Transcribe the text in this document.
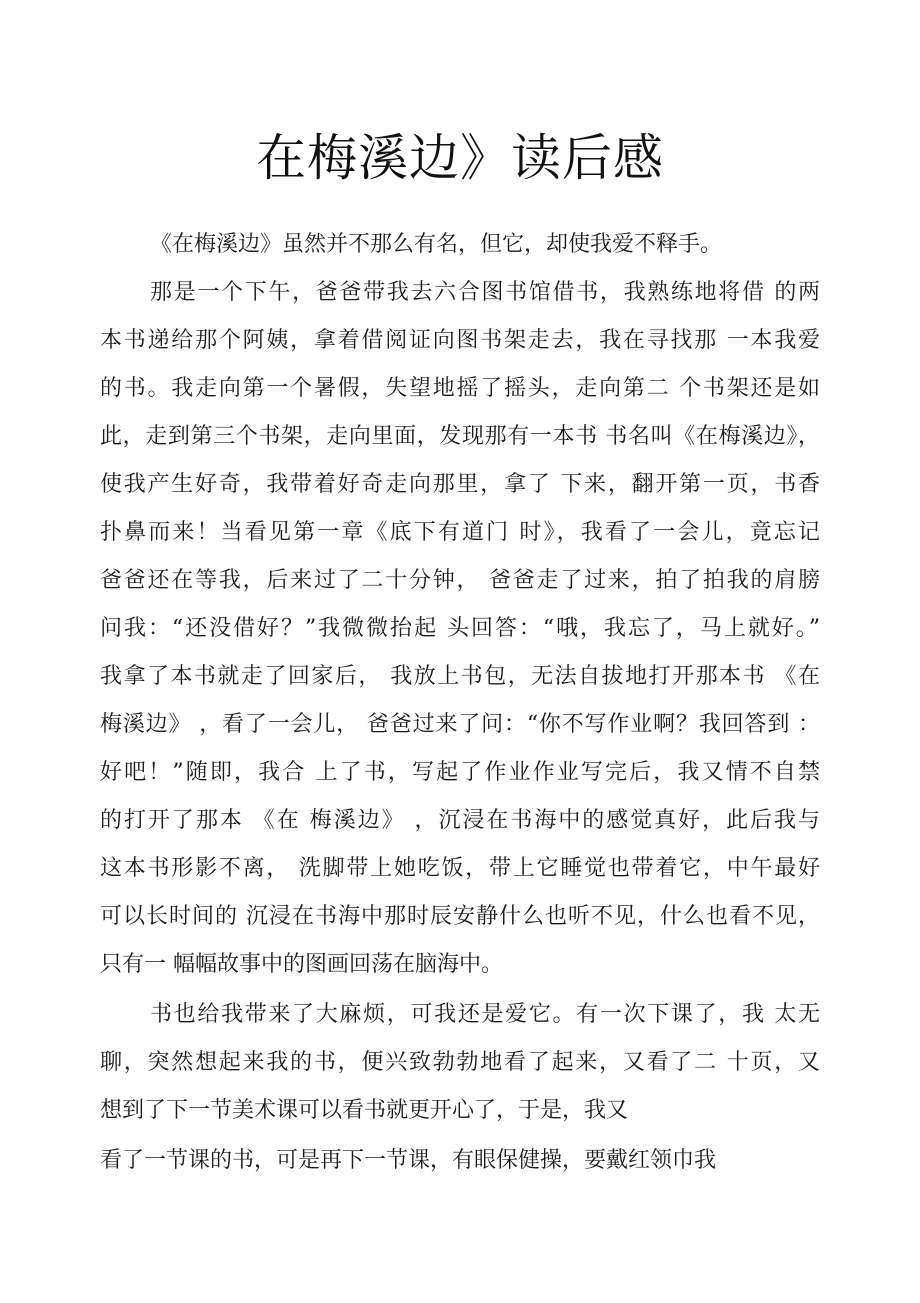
在梅溪边》读后感
《在梅溪边》虽然并不那么有名，但它，却使我爱不释手。
那是一个下午，爸爸带我去六合图书馆借书，我熟练地将借 的两
本书递给那个阿姨，拿着借阅证向图书架走去，我在寻找那 一本我爱
的书。我走向第一个暑假，失望地摇了摇头，走向第二 个书架还是如
此，走到第三个书架，走向里面，发现那有一本书 书名叫《在梅溪边》，
使我产生好奇，我带着好奇走向那里，拿了 下来，翻开第一页，书香
扑鼻而来！当看见第一章《底下有道门 时》，我看了一会儿，竟忘记
爸爸还在等我，后来过了二十分钟， 爸爸走了过来，拍了拍我的肩膀
问我：“还没借好？”我微微抬起 头回答：“哦，我忘了，马上就好。”
我拿了本书就走了回家后， 我放上书包，无法自拔地打开那本书 《在
梅溪边》 ，看了一会儿， 爸爸过来了问：“你不写作业啊？我回答到 ：
好吧！”随即，我合 上了书，写起了作业作业写完后，我又情不自禁
的打开了那本 《在 梅溪边》 ，沉浸在书海中的感觉真好，此后我与
这本书形影不离， 洗脚带上她吃饭，带上它睡觉也带着它，中午最好
可以长时间的 沉浸在书海中那时辰安静什么也听不见，什么也看不见，
只有一 幅幅故事中的图画回荡在脑海中。
书也给我带来了大麻烦，可我还是爱它。有一次下课了，我 太无
聊，突然想起来我的书，便兴致勃勃地看了起来，又看了二 十页，又
想到了下一节美术课可以看书就更开心了，于是，我又
看了一节课的书，可是再下一节课，有眼保健操，要戴红领巾我
